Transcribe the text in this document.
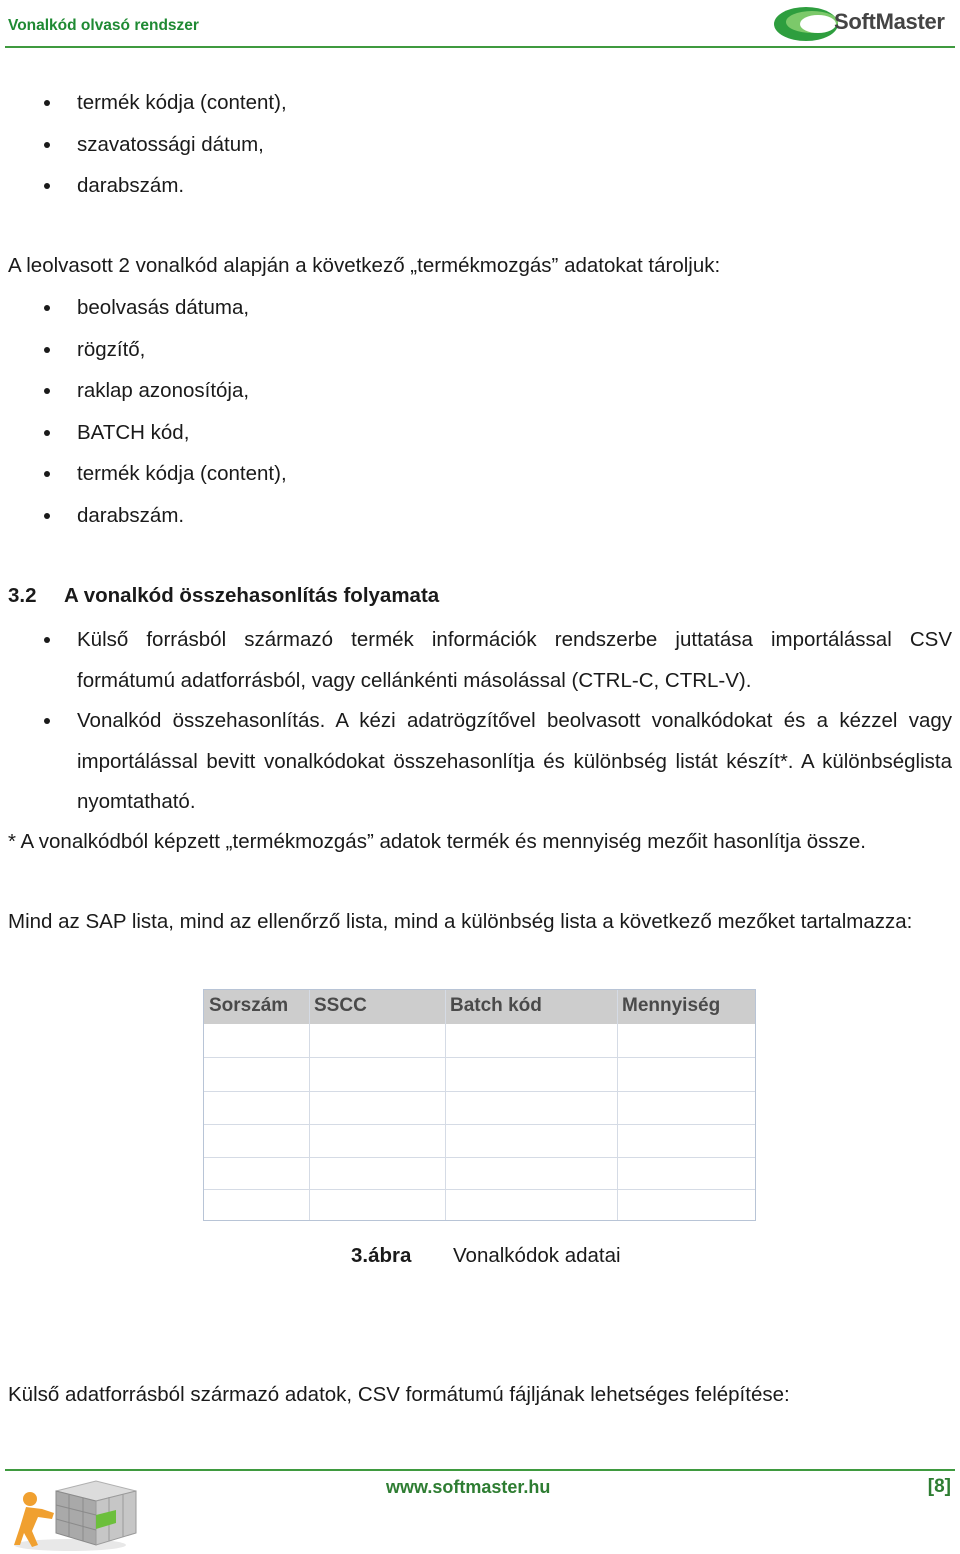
Vonalkód olvasó rendszer	SoftMaster
termék kódja (content),
szavatossági dátum,
darabszám.
A leolvasott 2 vonalkód alapján a következő „termékmozgás” adatokat tároljuk:
beolvasás dátuma,
rögzítő,
raklap azonosítója,
BATCH kód,
termék kódja (content),
darabszám.
3.2 A vonalkód összehasonlítás folyamata
Külső forrásból származó termék információk rendszerbe juttatása importálással CSV formátumú adatforrásból, vagy cellánkénti másolással (CTRL-C, CTRL-V).
Vonalkód összehasonlítás. A kézi adatrögzítővel beolvasott vonalkódokat és a kézzel vagy importálással bevitt vonalkódokat összehasonlítja és különbség listát készít*. A különbséglista nyomtatható.
* A vonalkódból képzett „termékmozgás” adatok termék és mennyiség mezőit hasonlítja össze.
Mind az SAP lista, mind az ellenőrző lista, mind a különbség lista a következő mezőket tartalmazza:
Sorszám SSCC	Batch kód	Mennyiség
3.ábra Vonalkódok adatai
Külső adatforrásból származó adatok, CSV formátumú fájljának lehetséges felépítése:
www.softmaster.hu	[8]
